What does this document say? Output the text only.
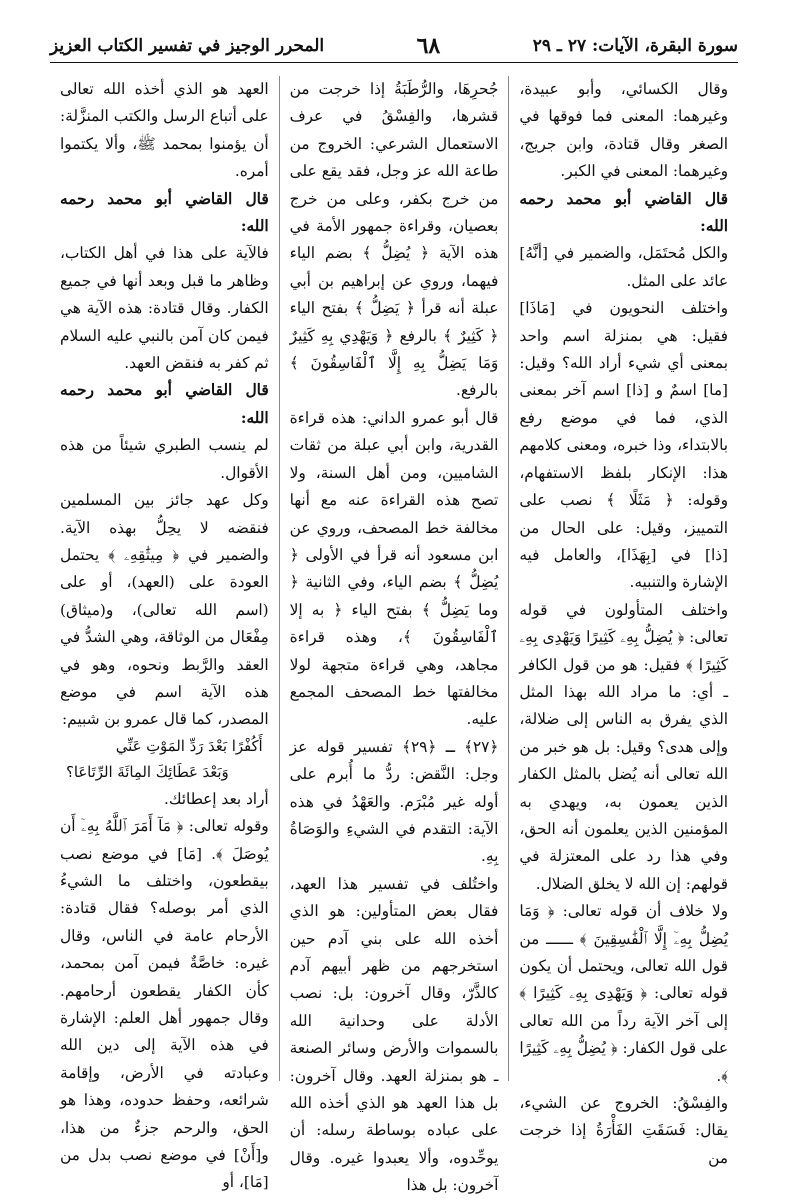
سورة البقرة، الآيات: ٢٧ ـ ٢٩
٦٨
المحرر الوجيز في تفسير الكتاب العزيز

وقال الكسائي، وأبو عبيدة، وغيرهما: المعنى فما فوقها في الصغر وقال قتادة، وابن جريج، وغيرهما: المعنى في الكبر.

قال القاضي أبو محمد رحمه الله:

والكل مُحتَمَل، والضمير في [أنَّهُ] عائد على المثل.

واختلف النحويون في [مَاذَا] فقيل: هي بمنزلة اسم واحد بمعنى أي شيء أراد الله؟ وقيل: [ما] اسمٌ و [ذا] اسم آخر بمعنى الذي، فما في موضع رفع بالابتداء، وذا خبره، ومعنى كلامهم هذا: الإنكار بلفظ الاستفهام، وقوله: ﴿ مَثَلًا ﴾ نصب على التمييز، وقيل: على الحال من [ذا] في [بِهَذَا]، والعامل فيه الإشارة والتنبيه.

واختلف المتأولون في قوله تعالى: ﴿ يُضِلُّ بِهِۦ كَثِيرًا وَيَهْدِى بِهِۦ كَثِيرًا ﴾ فقيل: هو من قول الكافر ـ أي: ما مراد الله بهذا المثل الذي يفرق به الناس إلى ضلالة، وإلى هدى؟ وقيل: بل هو خبر من الله تعالى أنه يُضل بالمثل الكفار الذين يعمون به، ويهدي به المؤمنين الذين يعلمون أنه الحق، وفي هذا رد على المعتزلة في قولهم: إن الله لا يخلق الضلال.

ولا خلاف أن قوله تعالى: ﴿ وَمَا يُضِلُّ بِهِۦٓ إِلَّا ٱلْفَٰسِقِينَ ﴾ ــــــ من قول الله تعالى، ويحتمل أن يكون قوله تعالى: ﴿ وَيَهْدِى بِهِۦ كَثِيرًا ﴾ إلى آخر الآية رداً من الله تعالى على قول الكفار: ﴿ يُضِلُّ بِهِۦ كَثِيرًا ﴾.

والفِسْقُ: الخروج عن الشيء، يقال: فَسَقَتِ الفَأْرَةُ إذا خرجت من

جُحرِهَا، والرُّطَبَةُ إذا خرجت من قشرها، والفِسْقُ في عرف الاستعمال الشرعي: الخروج من طاعة الله عز وجل، فقد يقع على من خرج بكفر، وعلى من خرج بعصيان، وقراءة جمهور الأمة في هذه الآية ﴿ يُضِلُّ ﴾ بضم الياء فيهما، وروي عن إبراهيم بن أبي عبلة أنه قرأ ﴿ يَضِلُّ ﴾ بفتح الياء ﴿ كَثِيرٌ ﴾ بالرفع ﴿ وَيَهْدِي بِهِ كَثِيرٌ وَمَا يَضِلُّ بِهِ إِلَّا ٱلْفَاسِقُونَ ﴾ بالرفع.

قال أبو عمرو الداني: هذه قراءة القدرية، وابن أبي عبلة من ثقات الشاميين، ومن أهل السنة، ولا تصح هذه القراءة عنه مع أنها مخالفة خط المصحف، وروي عن ابن مسعود أنه قرأ في الأولى ﴿ يُضِلُّ ﴾ بضم الياء، وفي الثانية ﴿ وما يَضِلُّ ﴾ بفتح الياء ﴿ به إلا ٱلْفَاسِقُونَ ﴾، وهذه قراءة مجاهد، وهي قراءة متجهة لولا مخالفتها خط المصحف المجمع عليه.

﴿٢٧﴾ ـ ﴿٢٩﴾ تفسير قوله عز وجل: النَّقض: ردُّ ما أُبرم على أوله غير مُبْرَم. والعَهْدُ في هذه الآية: التقدم في الشيءِ والوَصَاةُ بِهِ.

واختُلف في تفسير هذا العهد، فقال بعض المتأولين: هو الذي أخذه الله على بني آدم حين استخرجهم من ظهر أبيهم آدم كالذَّرّ، وقال آخرون: بل: نصب الأدلة على وحدانية الله بالسموات والأرض وسائر الصنعة ـ هو بمنزلة العهد. وقال آخرون: بل هذا العهد هو الذي أخذه الله على عباده بوساطة رسله: أن يوحِّدوه، وألا يعبدوا غيره. وقال آخرون: بل هذا

العهد هو الذي أخذه الله تعالى على أتباع الرسل والكتب المنزَّلة: أن يؤمنوا بمحمد ﷺ، وألا يكتموا أمره.

قال القاضي أبو محمد رحمه الله:

فالآية على هذا في أهل الكتاب، وظاهر ما قبل وبعد أنها في جميع الكفار. وقال قتادة: هذه الآية هي فيمن كان آمن بالنبي عليه السلام ثم كفر به فنقض العهد.

قال القاضي أبو محمد رحمه الله:

لم ينسب الطبري شيئاً من هذه الأقوال.

وكل عهد جائز بين المسلمين فنقضه لا يحِلُّ بهذه الآية. والضمير في ﴿ مِيثَٰقِهِۦ ﴾ يحتمل العودة على (العهد)، أو على (اسم الله تعالى)، و(ميثاق) مِفْعَال من الوثاقة، وهي الشدُّ في العقد والرَّبط ونحوه، وهو في هذه الآية اسم في موضع المصدر، كما قال عمرو بن شبيم:

أَكُفْرًا بَعْدَ رَدِّ المَوْتِ عَنِّي
وَبَعْدَ عَطَائِكَ المِائَةَ الرِّتَاعَا؟

أراد بعد إعطائك.

وقوله تعالى: ﴿ مَآ أَمَرَ ٱللَّهُ بِهِۦٓ أَن يُوصَلَ ﴾. [مَا] في موضع نصب بيقطعون، واختلف ما الشيءُ الذي أمر بوصله؟ فقال قتادة: الأرحام عامة في الناس، وقال غيره: خاصَّةٌ فيمن آمن بمحمد، كأن الكفار يقطعون أرحامهم. وقال جمهور أهل العلم: الإشارة في هذه الآية إلى دين الله وعبادته في الأرض، وإقامة شرائعه، وحفظ حدوده، وهذا هو الحق، والرحم جزءٌ من هذا، و[أَنْ] في موضع نصب بدل من [مَا]، أو
